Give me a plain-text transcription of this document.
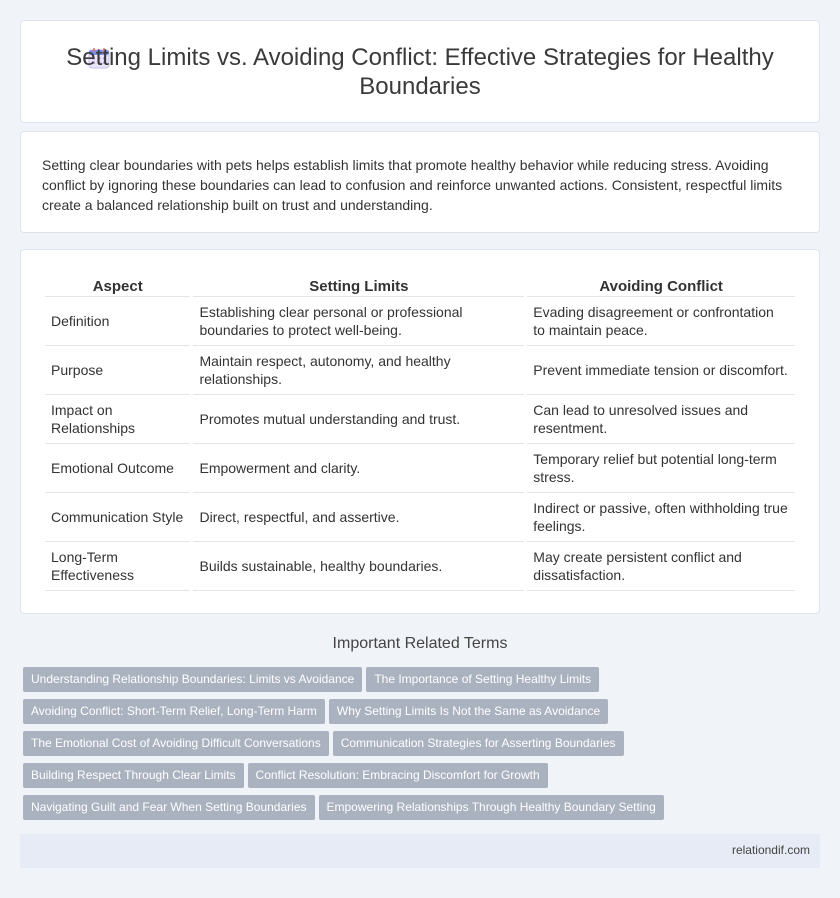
Setting Limits vs. Avoiding Conflict: Effective Strategies for Healthy Boundaries

Setting clear boundaries with pets helps establish limits that promote healthy behavior while reducing stress. Avoiding conflict by ignoring these boundaries can lead to confusion and reinforce unwanted actions. Consistent, respectful limits create a balanced relationship built on trust and understanding.

Aspect	Setting Limits	Avoiding Conflict
Definition	Establishing clear personal or professional boundaries to protect well-being.	Evading disagreement or confrontation to maintain peace.
Purpose	Maintain respect, autonomy, and healthy relationships.	Prevent immediate tension or discomfort.
Impact on Relationships	Promotes mutual understanding and trust.	Can lead to unresolved issues and resentment.
Emotional Outcome	Empowerment and clarity.	Temporary relief but potential long-term stress.
Communication Style	Direct, respectful, and assertive.	Indirect or passive, often withholding true feelings.
Long-Term Effectiveness	Builds sustainable, healthy boundaries.	May create persistent conflict and dissatisfaction.
Important Related Terms
Understanding Relationship Boundaries: Limits vs Avoidance The Importance of Setting Healthy Limits
Avoiding Conflict: Short-Term Relief, Long-Term Harm Why Setting Limits Is Not the Same as Avoidance
The Emotional Cost of Avoiding Difficult Conversations Communication Strategies for Asserting Boundaries
Building Respect Through Clear Limits Conflict Resolution: Embracing Discomfort for Growth
Navigating Guilt and Fear When Setting Boundaries Empowering Relationships Through Healthy Boundary Setting
relationdif.com
